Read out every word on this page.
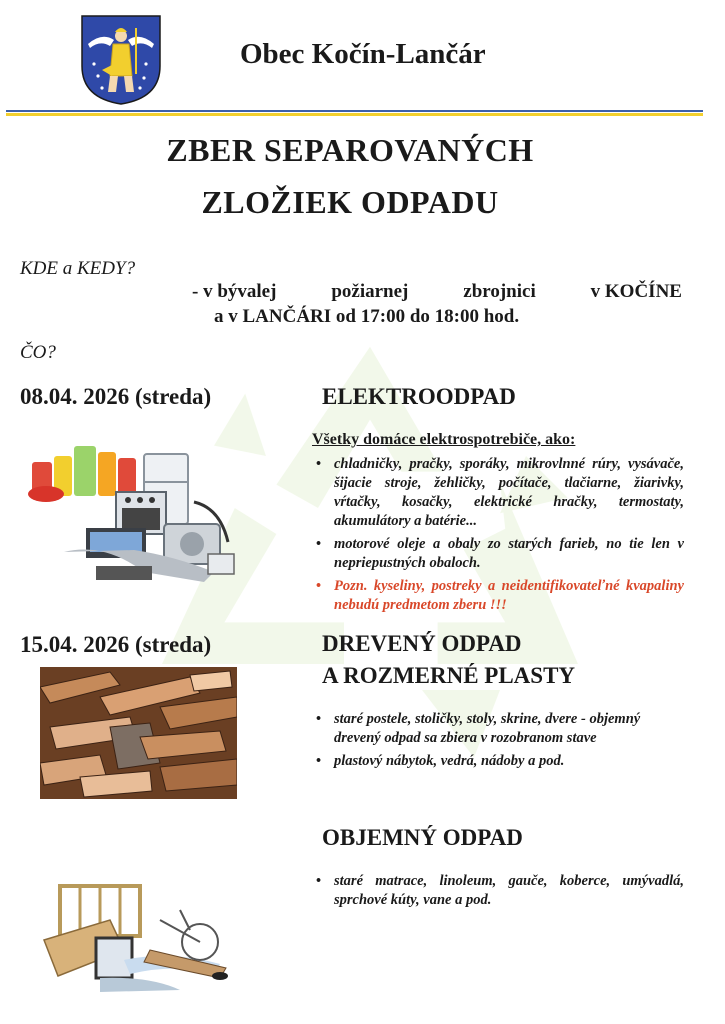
Obec Kočín-Lančár
ZBER SEPAROVANÝCH
ZLOŽIEK ODPADU
KDE a KEDY?
- v bývalej	požiarnej	zbrojnici	v KOČÍNE
a v LANČÁRI od 17:00 do 18:00 hod.
ČO?
08.04. 2026 (streda)	ELEKTROODPAD
Všetky domáce elektrospotrebiče, ako:
• chladničky, pračky, sporáky, mikrovlnné rúry, vysávače, šijacie stroje, žehličky, počítače, tlačiarne, žiarivky, vŕtačky, kosačky, elektrické hračky, termostaty, akumulátory a batérie...
• motorové oleje a obaly zo starých farieb, no tie len v nepriepustných obaloch.
• Pozn. kyseliny, postreky a neidentifikovateľné kvapaliny nebudú predmetom zberu !!!
15.04. 2026 (streda)	DREVENÝ ODPAD
A ROZMERNÉ PLASTY
• staré postele, stoličky, stoly, skrine, dvere - objemný drevený odpad sa zbiera v rozobranom stave
• plastový nábytok, vedrá, nádoby a pod.
OBJEMNÝ ODPAD
• staré matrace, linoleum, gauče, koberce, umývadlá, sprchové kúty, vane a pod.
